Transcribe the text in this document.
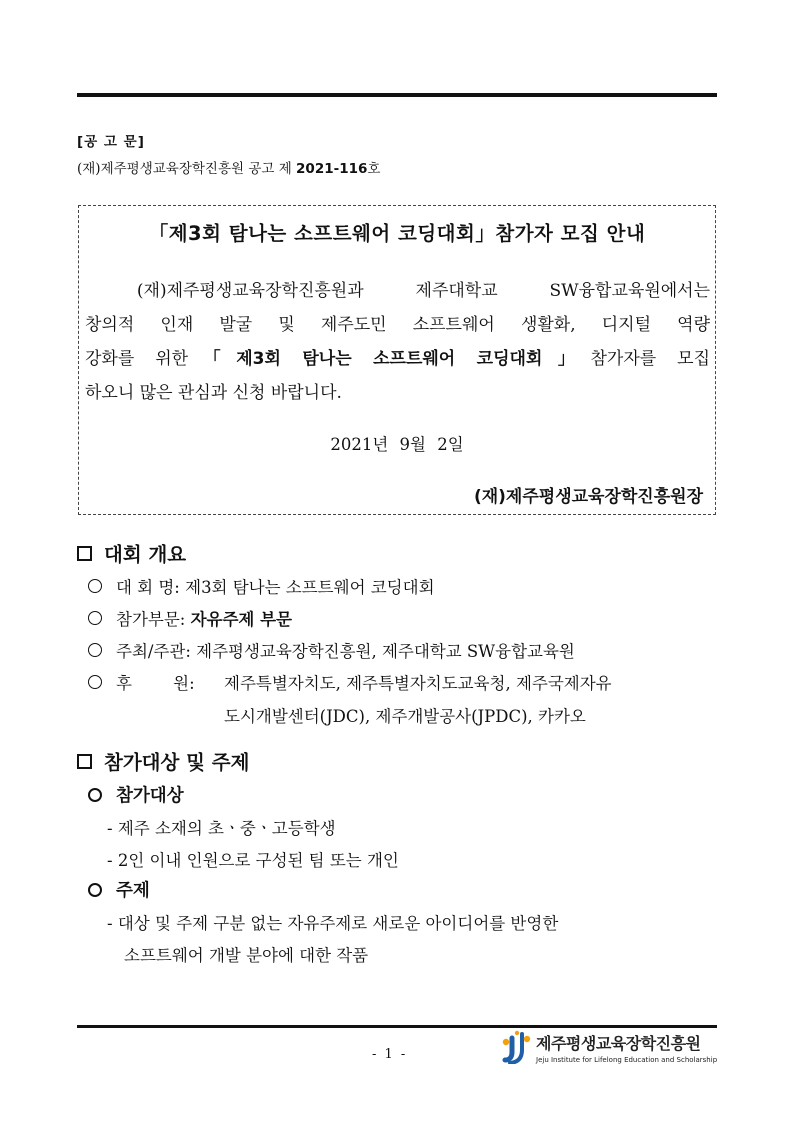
[공 고 문]
(재)제주평생교육장학진흥원 공고 제 2021-116호
「제3회 탐나는 소프트웨어 코딩대회」참가자 모집 안내
(재)제주평생교육장학진흥원과 제주대학교 SW융합교육원에서는
창의적 인재 발굴 및 제주도민 소프트웨어 생활화, 디지털 역량
강화를 위한「제3회 탐나는 소프트웨어 코딩대회」참가자를 모집
하오니 많은 관심과 신청 바랍니다.
2021년 9월 2일
(재)제주평생교육장학진흥원장
대회 개요
대 회 명:
제3회 탐나는 소프트웨어 코딩대회
참가부문:
자유주제 부문
주최/주관:
제주평생교육장학진흥원, 제주대학교 SW융합교육원
후 원:	제주특별자치도, 제주특별자치도교육청, 제주국제자유
도시개발센터(JDC), 제주개발공사(JPDC), 카카오
참가대상 및 주제
참가대상
- 제주 소재의 초ㆍ중ㆍ고등학생
- 2인 이내 인원으로 구성된 팀 또는 개인
주제
- 대상 및 주제 구분 없는 자유주제로 새로운 아이디어를 반영한
소프트웨어 개발 분야에 대한 작품
- 1 -
제주평생교육장학진흥원
Jeju Institute for Lifelong Education and Scholarship
